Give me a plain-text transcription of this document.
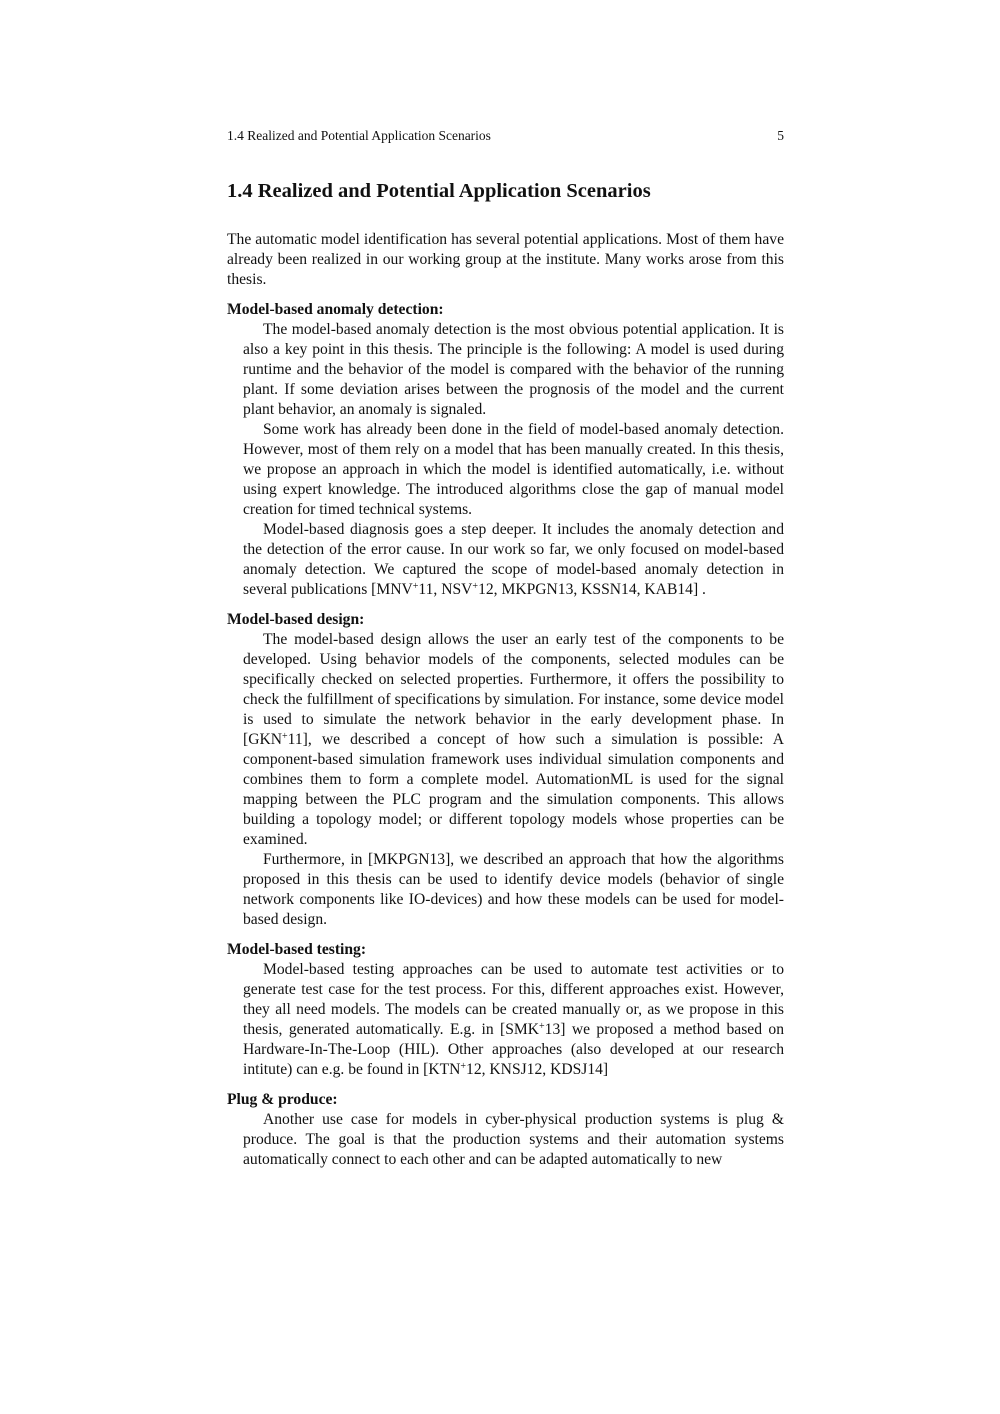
1.4 Realized and Potential Application Scenarios	5
1.4 Realized and Potential Application Scenarios

The automatic model identification has several potential applications. Most of them have already been realized in our working group at the institute. Many works arose from this thesis.

Model-based anomaly detection:

The model-based anomaly detection is the most obvious potential application. It is also a key point in this thesis. The principle is the following: A model is used during runtime and the behavior of the model is compared with the behavior of the running plant. If some deviation arises between the prognosis of the model and the current plant behavior, an anomaly is signaled.

Some work has already been done in the field of model-based anomaly detection. However, most of them rely on a model that has been manually created. In this thesis, we propose an approach in which the model is identified automatically, i.e. without using expert knowledge. The introduced algorithms close the gap of manual model creation for timed technical systems.

Model-based diagnosis goes a step deeper. It includes the anomaly detection and the detection of the error cause. In our work so far, we only focused on model-based anomaly detection. We captured the scope of model-based anomaly detection in several publications [MNV+11, NSV+12, MKPGN13, KSSN14, KAB14] .

Model-based design:

The model-based design allows the user an early test of the components to be developed. Using behavior models of the components, selected modules can be specifically checked on selected properties. Furthermore, it offers the possibility to check the fulfillment of specifications by simulation. For instance, some device model is used to simulate the network behavior in the early development phase. In [GKN+11], we described a concept of how such a simulation is possible: A component-based simulation framework uses individual simulation components and combines them to form a complete model. AutomationML is used for the signal mapping between the PLC program and the simulation components. This allows building a topology model; or different topology models whose properties can be examined.

Furthermore, in [MKPGN13], we described an approach that how the algorithms proposed in this thesis can be used to identify device models (behavior of single network components like IO-devices) and how these models can be used for model-based design.

Model-based testing:

Model-based testing approaches can be used to automate test activities or to generate test case for the test process. For this, different approaches exist. However, they all need models. The models can be created manually or, as we propose in this thesis, generated automatically. E.g. in [SMK+13] we proposed a method based on Hardware-In-The-Loop (HIL). Other approaches (also developed at our research intitute) can e.g. be found in [KTN+12, KNSJ12, KDSJ14]

Plug & produce:

Another use case for models in cyber-physical production systems is plug & produce. The goal is that the production systems and their automation systems automatically connect to each other and can be adapted automatically to new
